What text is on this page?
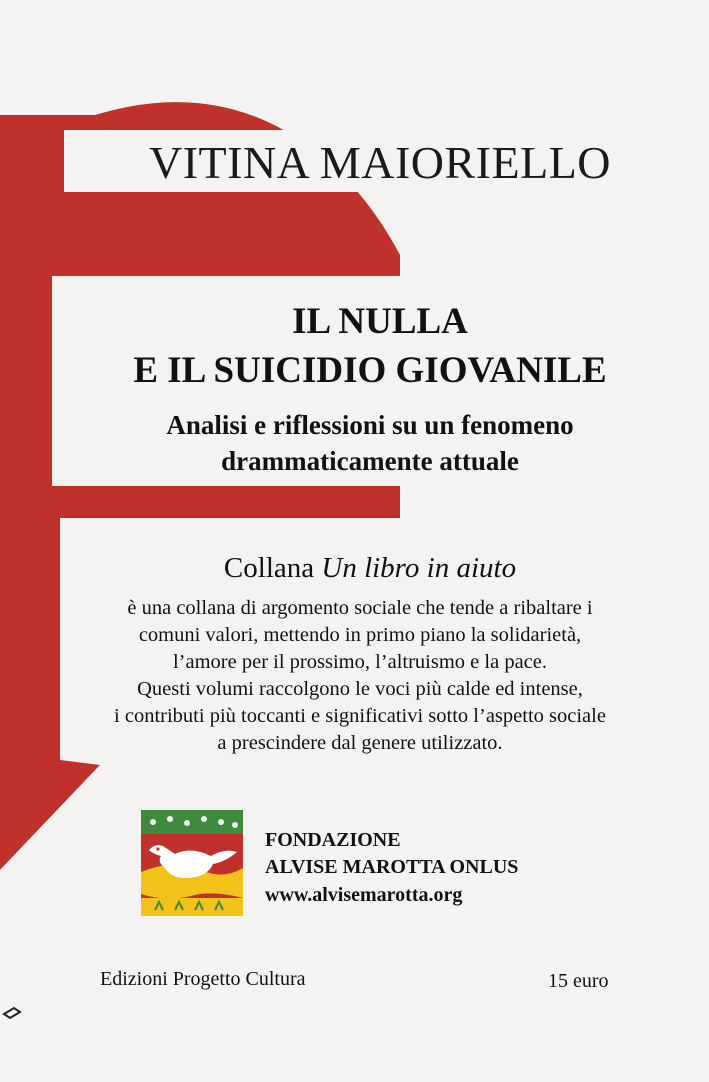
VITINA MAIORIELLO
IL NULLA
E IL SUICIDIO GIOVANILE
Analisi e riflessioni su un fenomeno
drammaticamente attuale
Collana Un libro in aiuto
è una collana di argomento sociale che tende a ribaltare i
comuni valori, mettendo in primo piano la solidarietà,
l’amore per il prossimo, l’altruismo e la pace.
Questi volumi raccolgono le voci più calde ed intense,
i contributi più toccanti e significativi sotto l’aspetto sociale
a prescindere dal genere utilizzato.
FONDAZIONE
ALVISE MAROTTA ONLUS
www.alvisemarotta.org
Edizioni Progetto Cultura	15 euro
